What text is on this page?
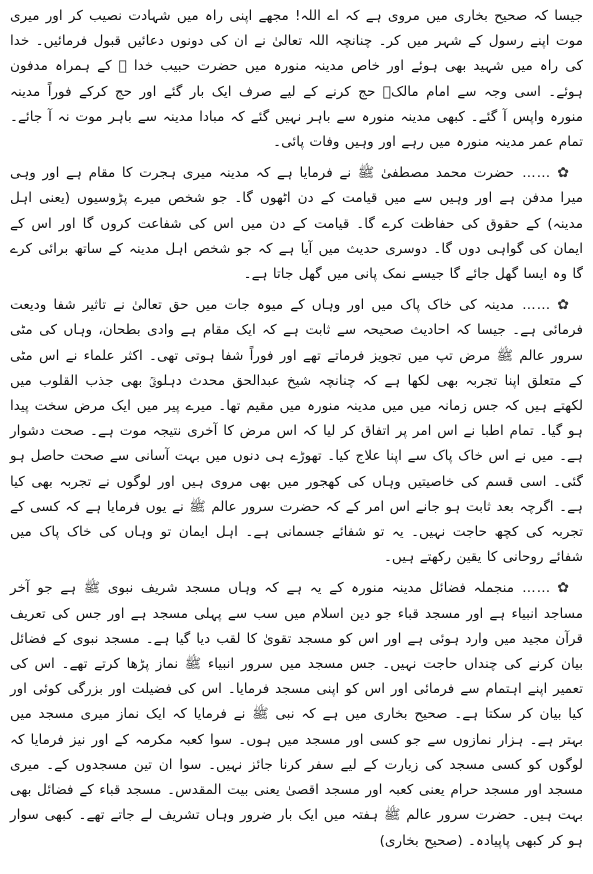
جیسا کہ صحیح بخاری میں مروی ہے کہ اے اللہ! مجھے اپنی راہ میں شہادت نصیب کر اور میری موت اپنے رسول کے شہر میں کر۔ چنانچہ اللہ تعالیٰ نے ان کی دونوں دعائیں قبول فرمائیں۔ خدا کی راہ میں شہید بھی ہوئے اور خاص مدینہ منورہ میں حضرت حبیب خدا ﷺ کے ہمراہ مدفون ہوئے۔ اسی وجہ سے امام مالکؒ حج کرنے کے لیے صرف ایک بار گئے اور حج کرکے فوراً مدینہ منورہ واپس آ گئے۔ کبھی مدینہ منورہ سے باہر نہیں گئے کہ مبادا مدینہ سے باہر موت نہ آ جائے۔ تمام عمر مدینہ منورہ میں رہے اور وہیں وفات پائی۔

✿……حضرت محمد مصطفیٰ ﷺ نے فرمایا ہے کہ مدینہ میری ہجرت کا مقام ہے اور وہی میرا مدفن ہے اور وہیں سے میں قیامت کے دن اٹھوں گا۔ جو شخص میرے پڑوسیوں (یعنی اہل مدینہ) کے حقوق کی حفاظت کرے گا۔ قیامت کے دن میں اس کی شفاعت کروں گا اور اس کے ایمان کی گواہی دوں گا۔ دوسری حدیث میں آیا ہے کہ جو شخص اہل مدینہ کے ساتھ برائی کرے گا وہ ایسا گھل جائے گا جیسے نمک پانی میں گھل جاتا ہے۔

✿……مدینہ کی خاک پاک میں اور وہاں کے میوہ جات میں حق تعالیٰ نے تاثیر شفا ودیعت فرمائی ہے۔ جیسا کہ احادیث صحیحہ سے ثابت ہے کہ ایک مقام ہے وادی بطحان، وہاں کی مٹی سرور عالم ﷺ مرض تپ میں تجویز فرماتے تھے اور فوراً شفا ہوتی تھی۔ اکثر علماء نے اس مٹی کے متعلق اپنا تجربہ بھی لکھا ہے کہ چنانچہ شیخ عبدالحق محدث دہلویؒ بھی جذب القلوب میں لکھتے ہیں کہ جس زمانہ میں میں مدینہ منورہ میں مقیم تھا۔ میرے پیر میں ایک مرض سخت پیدا ہو گیا۔ تمام اطبا نے اس امر پر اتفاق کر لیا کہ اس مرض کا آخری نتیجہ موت ہے۔ صحت دشوار ہے۔ میں نے اس خاک پاک سے اپنا علاج کیا۔ تھوڑے ہی دنوں میں بہت آسانی سے صحت حاصل ہو گئی۔ اسی قسم کی خاصیتیں وہاں کی کھجور میں بھی مروی ہیں اور لوگوں نے تجربہ بھی کیا ہے۔ اگرچہ بعد ثابت ہو جانے اس امر کے کہ حضرت سرور عالم ﷺ نے یوں فرمایا ہے کہ کسی کے تجربہ کی کچھ حاجت نہیں۔ یہ تو شفائے جسمانی ہے۔ اہل ایمان تو وہاں کی خاک پاک میں شفائے روحانی کا یقین رکھتے ہیں۔

✿……منجملہ فضائل مدینہ منورہ کے یہ ہے کہ وہاں مسجد شریف نبوی ﷺ ہے جو آخر مساجد انبیاء ہے اور مسجد قباء جو دین اسلام میں سب سے پہلی مسجد ہے اور جس کی تعریف قرآن مجید میں وارد ہوئی ہے اور اس کو مسجد تقویٰ کا لقب دیا گیا ہے۔ مسجد نبوی کے فضائل بیان کرنے کی چنداں حاجت نہیں۔ جس مسجد میں سرور انبیاء ﷺ نماز پڑھا کرتے تھے۔ اس کی تعمیر اپنے اہتمام سے فرمائی اور اس کو اپنی مسجد فرمایا۔ اس کی فضیلت اور بزرگی کوئی اور کیا بیان کر سکتا ہے۔ صحیح بخاری میں ہے کہ نبی ﷺ نے فرمایا کہ ایک نماز میری مسجد میں بہتر ہے۔ ہزار نمازوں سے جو کسی اور مسجد میں ہوں۔ سوا کعبہ مکرمہ کے اور نیز فرمایا کہ لوگوں کو کسی مسجد کی زیارت کے لیے سفر کرنا جائز نہیں۔ سوا ان تین مسجدوں کے۔ میری مسجد اور مسجد حرام یعنی کعبہ اور مسجد اقصیٰ یعنی بیت المقدس۔ مسجد قباء کے فضائل بھی بہت ہیں۔ حضرت سرور عالم ﷺ ہفتہ میں ایک بار ضرور وہاں تشریف لے جاتے تھے۔ کبھی سوار ہو کر کبھی پاپیادہ۔ (صحیح بخاری)
